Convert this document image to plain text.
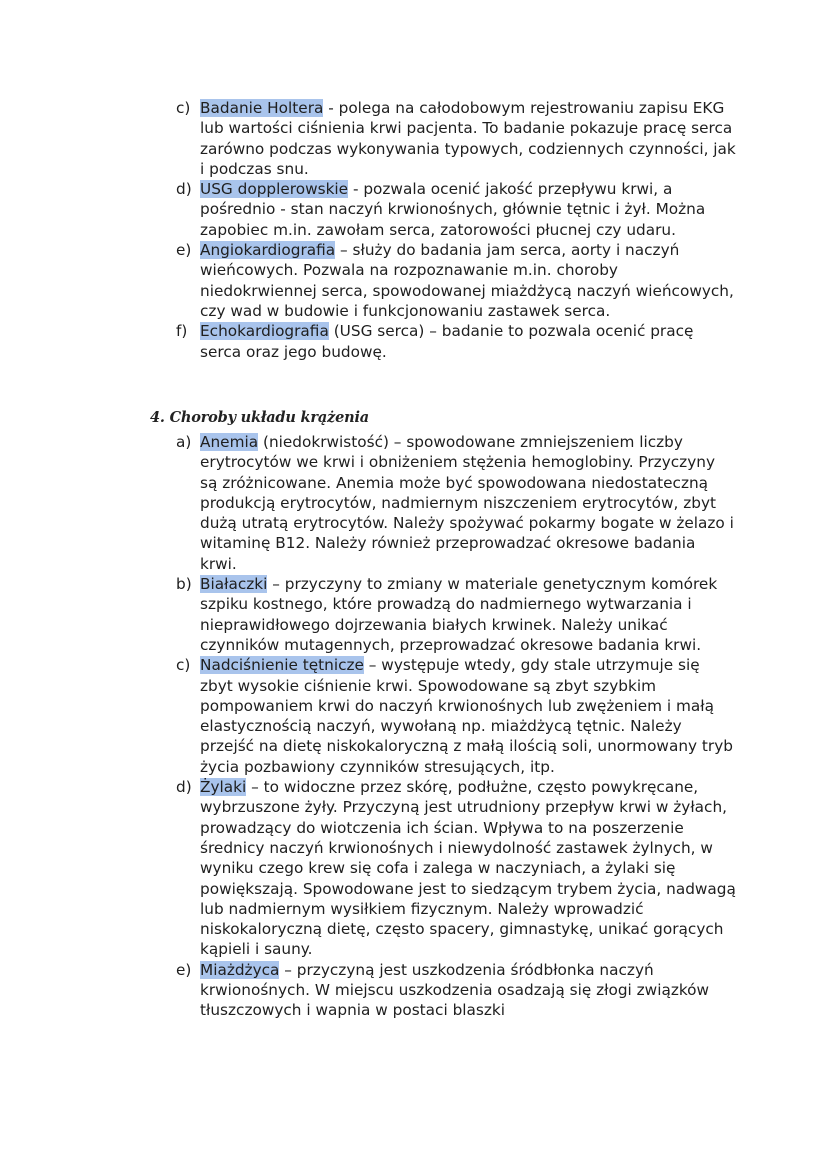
c) Badanie Holtera - polega na całodobowym rejestrowaniu zapisu EKG lub wartości ciśnienia krwi pacjenta. To badanie pokazuje pracę serca zarówno podczas wykonywania typowych, codziennych czynności, jak i podczas snu.
d) USG dopplerowskie - pozwala ocenić jakość przepływu krwi, a pośrednio - stan naczyń krwionośnych, głównie tętnic i żył. Można zapobiec m.in. zawołam serca, zatorowości płucnej czy udaru.
e) Angiokardiografia – służy do badania jam serca, aorty i naczyń wieńcowych. Pozwala na rozpoznawanie m.in. choroby niedokrwiennej serca, spowodowanej miażdżycą naczyń wieńcowych, czy wad w budowie i funkcjonowaniu zastawek serca.
f) Echokardiografia (USG serca) – badanie to pozwala ocenić pracę serca oraz jego budowę.
4. Choroby układu krążenia
a) Anemia (niedokrwistość) – spowodowane zmniejszeniem liczby erytrocytów we krwi i obniżeniem stężenia hemoglobiny. Przyczyny są zróżnicowane. Anemia może być spowodowana niedostateczną produkcją erytrocytów, nadmiernym niszczeniem erytrocytów, zbyt dużą utratą erytrocytów. Należy spożywać pokarmy bogate w żelazo i witaminę B12. Należy również przeprowadzać okresowe badania krwi.
b) Białaczki – przyczyny to zmiany w materiale genetycznym komórek szpiku kostnego, które prowadzą do nadmiernego wytwarzania i nieprawidłowego dojrzewania białych krwinek. Należy unikać czynników mutagennych, przeprowadzać okresowe badania krwi.
c) Nadciśnienie tętnicze – występuje wtedy, gdy stale utrzymuje się zbyt wysokie ciśnienie krwi. Spowodowane są zbyt szybkim pompowaniem krwi do naczyń krwionośnych lub zwężeniem i małą elastycznością naczyń, wywołaną np. miażdżycą tętnic. Należy przejść na dietę niskokaloryczną z małą ilością soli, unormowany tryb życia pozbawiony czynników stresujących, itp.
d) Żylaki – to widoczne przez skórę, podłużne, często powykręcane, wybrzuszone żyły. Przyczyną jest utrudniony przepływ krwi w żyłach, prowadzący do wiotczenia ich ścian. Wpływa to na poszerzenie średnicy naczyń krwionośnych i niewydolność zastawek żylnych, w wyniku czego krew się cofa i zalega w naczyniach, a żylaki się powiększają. Spowodowane jest to siedzącym trybem życia, nadwagą lub nadmiernym wysiłkiem fizycznym. Należy wprowadzić niskokaloryczną dietę, często spacery, gimnastykę, unikać gorących kąpieli i sauny.
e) Miażdżyca – przyczyną jest uszkodzenia śródbłonka naczyń krwionośnych. W miejscu uszkodzenia osadzają się złogi związków tłuszczowych i wapnia w postaci blaszki
